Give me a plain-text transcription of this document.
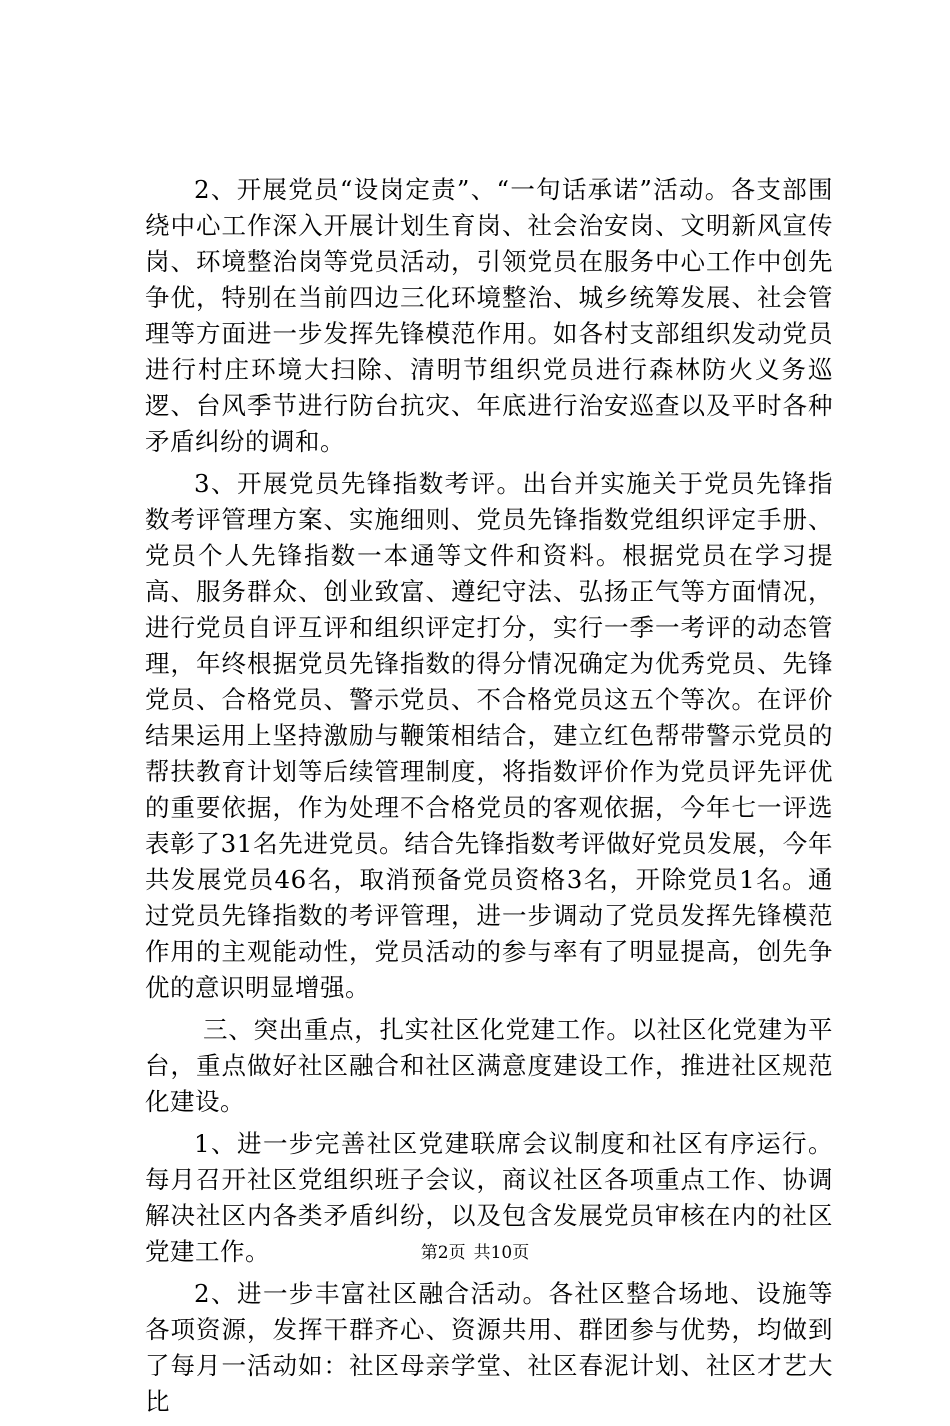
2、开展党员“设岗定责”、“一句话承诺”活动。各支部围绕中心工作深入开展计划生育岗、社会治安岗、文明新风宣传岗、环境整治岗等党员活动，引领党员在服务中心工作中创先争优，特别在当前四边三化环境整治、城乡统筹发展、社会管理等方面进一步发挥先锋模范作用。如各村支部组织发动党员进行村庄环境大扫除、清明节组织党员进行森林防火义务巡逻、台风季节进行防台抗灾、年底进行治安巡查以及平时各种矛盾纠纷的调和。

3、开展党员先锋指数考评。出台并实施关于党员先锋指数考评管理方案、实施细则、党员先锋指数党组织评定手册、党员个人先锋指数一本通等文件和资料。根据党员在学习提高、服务群众、创业致富、遵纪守法、弘扬正气等方面情况，进行党员自评互评和组织评定打分，实行一季一考评的动态管理，年终根据党员先锋指数的得分情况确定为优秀党员、先锋党员、合格党员、警示党员、不合格党员这五个等次。在评价结果运用上坚持激励与鞭策相结合，建立红色帮带警示党员的帮扶教育计划等后续管理制度，将指数评价作为党员评先评优的重要依据，作为处理不合格党员的客观依据，今年七一评选表彰了31名先进党员。结合先锋指数考评做好党员发展，今年共发展党员46名，取消预备党员资格3名，开除党员1名。通过党员先锋指数的考评管理，进一步调动了党员发挥先锋模范作用的主观能动性，党员活动的参与率有了明显提高，创先争优的意识明显增强。

三、突出重点，扎实社区化党建工作。以社区化党建为平台，重点做好社区融合和社区满意度建设工作，推进社区规范化建设。

1、进一步完善社区党建联席会议制度和社区有序运行。每月召开社区党组织班子会议，商议社区各项重点工作、协调解决社区内各类矛盾纠纷，以及包含发展党员审核在内的社区党建工作。

2、进一步丰富社区融合活动。各社区整合场地、设施等各项资源，发挥干群齐心、资源共用、群团参与优势，均做到了每月一活动如：社区母亲学堂、社区春泥计划、社区才艺大比

第2页 共10页
